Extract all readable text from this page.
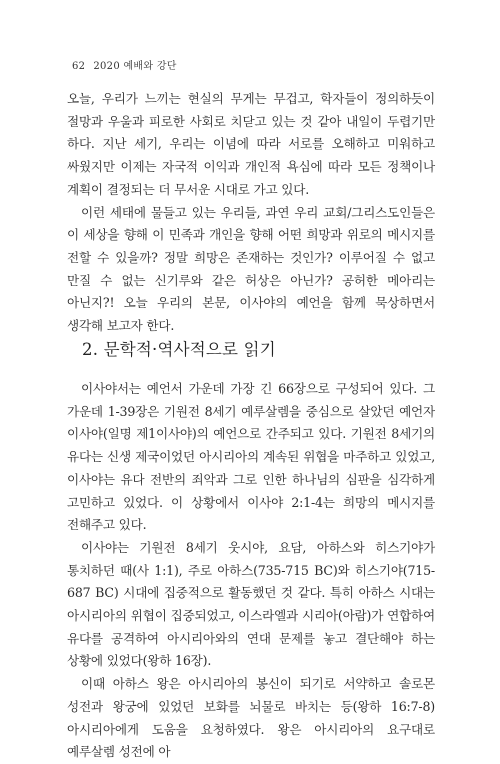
62 2020 예배와 강단

오늘, 우리가 느끼는 현실의 무게는 무겁고, 학자들이 정의하듯이 절망과 우울과 피로한 사회로 치닫고 있는 것 같아 내일이 두렵기만 하다. 지난 세기, 우리는 이념에 따라 서로를 오해하고 미워하고 싸웠지만 이제는 자국적 이익과 개인적 욕심에 따라 모든 정책이나 계획이 결정되는 더 무서운 시대로 가고 있다.

이런 세태에 물들고 있는 우리들, 과연 우리 교회/그리스도인들은 이 세상을 향해 이 민족과 개인을 향해 어떤 희망과 위로의 메시지를 전할 수 있을까? 정말 희망은 존재하는 것인가? 이루어질 수 없고 만질 수 없는 신기루와 같은 허상은 아닌가? 공허한 메아리는 아닌지?! 오늘 우리의 본문, 이사야의 예언을 함께 묵상하면서 생각해 보고자 한다.

2. 문학적·역사적으로 읽기

이사야서는 예언서 가운데 가장 긴 66장으로 구성되어 있다. 그 가운데 1-39장은 기원전 8세기 예루살렘을 중심으로 살았던 예언자 이사야(일명 제1이사야)의 예언으로 간주되고 있다. 기원전 8세기의 유다는 신생 제국이었던 아시리아의 계속된 위협을 마주하고 있었고, 이사야는 유다 전반의 죄악과 그로 인한 하나님의 심판을 심각하게 고민하고 있었다. 이 상황에서 이사야 2:1-4는 희망의 메시지를 전해주고 있다.

이사야는 기원전 8세기 웃시야, 요담, 아하스와 히스기야가 통치하던 때(사 1:1), 주로 아하스(735-715 BC)와 히스기야(715-687 BC) 시대에 집중적으로 활동했던 것 같다. 특히 아하스 시대는 아시리아의 위협이 집중되었고, 이스라엘과 시리아(아람)가 연합하여 유다를 공격하여 아시리아와의 연대 문제를 놓고 결단해야 하는 상황에 있었다(왕하 16장).

이때 아하스 왕은 아시리아의 봉신이 되기로 서약하고 솔로몬 성전과 왕궁에 있었던 보화를 뇌물로 바치는 등(왕하 16:7-8) 아시리아에게 도움을 요청하였다. 왕은 아시리아의 요구대로 예루살렘 성전에 아
